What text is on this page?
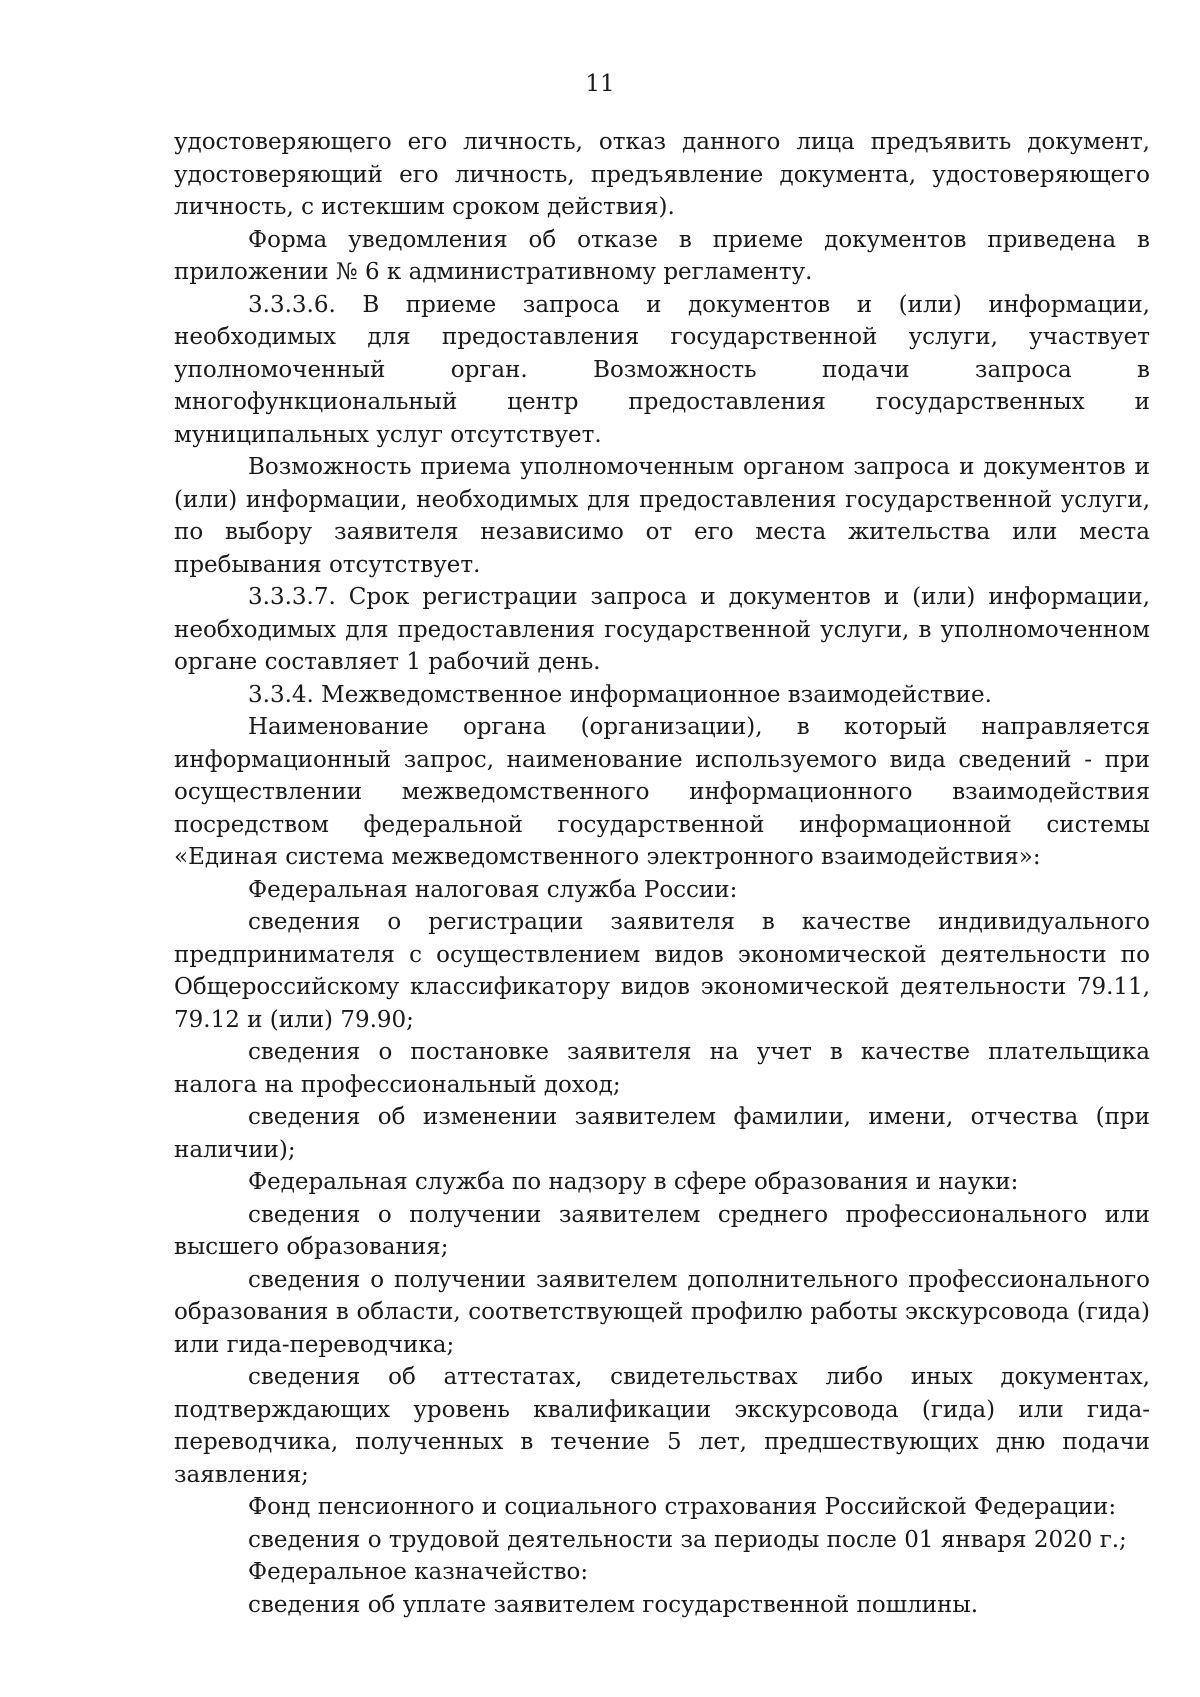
11

удостоверяющего его личность, отказ данного лица предъявить документ, удостоверяющий его личность, предъявление документа, удостоверяющего личность, с истекшим сроком действия).

Форма уведомления об отказе в приеме документов приведена в приложении № 6 к административному регламенту.

3.3.3.6. В приеме запроса и документов и (или) информации, необходимых для предоставления государственной услуги, участвует уполномоченный орган. Возможность подачи запроса в многофункциональный центр предоставления государственных и муниципальных услуг отсутствует.

Возможность приема уполномоченным органом запроса и документов и (или) информации, необходимых для предоставления государственной услуги, по выбору заявителя независимо от его места жительства или места пребывания отсутствует.

3.3.3.7. Срок регистрации запроса и документов и (или) информации, необходимых для предоставления государственной услуги, в уполномоченном органе составляет 1 рабочий день.

3.3.4. Межведомственное информационное взаимодействие.

Наименование органа (организации), в который направляется информационный запрос, наименование используемого вида сведений - при осуществлении межведомственного информационного взаимодействия посредством федеральной государственной информационной системы «Единая система межведомственного электронного взаимодействия»:

Федеральная налоговая служба России:

сведения о регистрации заявителя в качестве индивидуального предпринимателя с осуществлением видов экономической деятельности по Общероссийскому классификатору видов экономической деятельности 79.11, 79.12 и (или) 79.90;

сведения о постановке заявителя на учет в качестве плательщика налога на профессиональный доход;

сведения об изменении заявителем фамилии, имени, отчества (при наличии);

Федеральная служба по надзору в сфере образования и науки:

сведения о получении заявителем среднего профессионального или высшего образования;

сведения о получении заявителем дополнительного профессионального образования в области, соответствующей профилю работы экскурсовода (гида) или гида-переводчика;

сведения об аттестатах, свидетельствах либо иных документах, подтверждающих уровень квалификации экскурсовода (гида) или гида-переводчика, полученных в течение 5 лет, предшествующих дню подачи заявления;

Фонд пенсионного и социального страхования Российской Федерации:

сведения о трудовой деятельности за периоды после 01 января 2020 г.;

Федеральное казначейство:

сведения об уплате заявителем государственной пошлины.
